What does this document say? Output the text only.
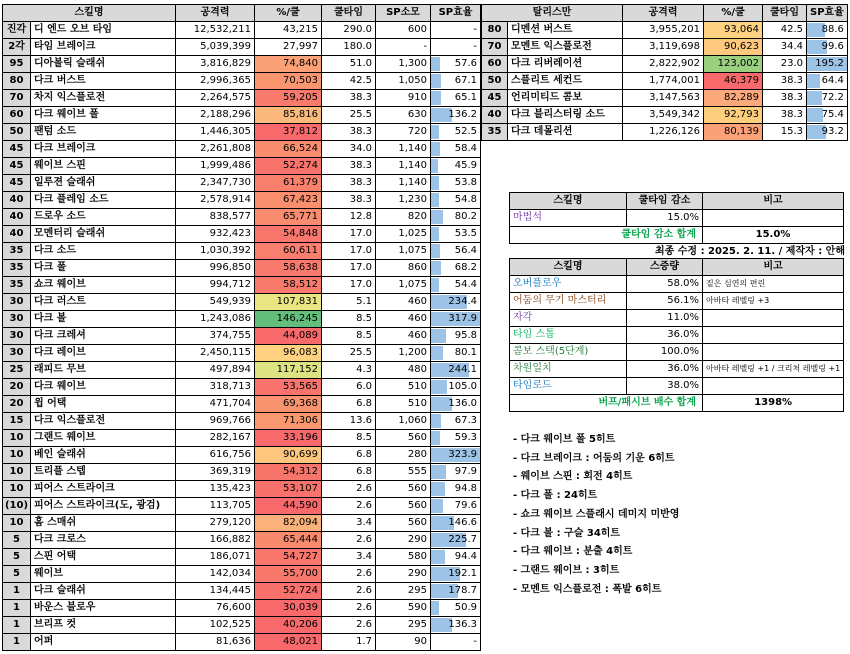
스킬명		공격력	%/쿨	쿨타임	SP소모	SP효율
진각	디 엔드 오브 타임	12,532,211	43,215	290.0	600	-
2각	타임 브레이크	5,039,399	27,997	180.0	-	-
95	디아볼릭 슬래쉬	3,816,829	74,840	51.0	1,300	57.6
80	다크 버스트	2,996,365	70,503	42.5	1,050	67.1
70	차지 익스플로전	2,264,575	59,205	38.3	910	65.1
60	다크 웨이브 폴	2,188,296	85,816	25.5	630	136.2
50	팬텀 소드	1,446,305	37,812	38.3	720	52.5
45	다크 브레이크	2,261,808	66,524	34.0	1,140	58.4
45	웨이브 스핀	1,999,486	52,274	38.3	1,140	45.9
45	일루젼 슬래쉬	2,347,730	61,379	38.3	1,140	53.8
40	다크 플레임 소드	2,578,914	67,423	38.3	1,230	54.8
40	드로우 소드	838,577	65,771	12.8	820	80.2
40	모멘터리 슬래쉬	932,423	54,848	17.0	1,025	53.5
35	다크 소드	1,030,392	60,611	17.0	1,075	56.4
35	다크 폴	996,850	58,638	17.0	860	68.2
35	쇼크 웨이브	994,712	58,512	17.0	1,075	54.4
30	다크 러스트	549,939	107,831	5.1	460	234.4
30	다크 볼	1,243,086	146,245	8.5	460	317.9
30	다크 크레셔	374,755	44,089	8.5	460	95.8
30	다크 레이브	2,450,115	96,083	25.5	1,200	80.1
25	래피드 무브	497,894	117,152	4.3	480	244.1
20	다크 웨이브	318,713	53,565	6.0	510	105.0
20	윕 어택	471,704	69,368	6.8	510	136.0
15	다크 익스플로전	969,766	71,306	13.6	1,060	67.3
10	그랜드 웨이브	282,167	33,196	8.5	560	59.3
10	베인 슬래쉬	616,756	90,699	6.8	280	323.9
10	트리플 스텝	369,319	54,312	6.8	555	97.9
10	피어스 스트라이크	135,423	53,107	2.6	560	94.8
(10)	피어스 스트라이크(도, 광검)	113,705	44,590	2.6	560	79.6
10	홈 스매쉬	279,120	82,094	3.4	560	146.6
5	다크 크로스	166,882	65,444	2.6	290	225.7
5	스핀 어택	186,071	54,727	3.4	580	94.4
5	웨이브	142,034	55,700	2.6	290	192.1
1	다크 슬래쉬	134,445	52,724	2.6	295	178.7
1	바운스 블로우	76,600	30,039	2.6	590	50.9
1	브리프 컷	102,525	40,206	2.6	295	136.3
1	어퍼	81,636	48,021	1.7	90	-
탈리스만		공격력	%/쿨	쿨타임	SP효율
80	디멘션 버스트	3,955,201	93,064	42.5	88.6
70	모멘트 익스플로전	3,119,698	90,623	34.4	99.6
60	다크 리버레이션	2,822,902	123,002	23.0	195.2
50	스플리트 세컨드	1,774,001	46,379	38.3	64.4
45	언리미티드 콤보	3,147,563	82,289	38.3	72.2
40	다크 블리스터링 소드	3,549,342	92,793	38.3	75.4
35	다크 데몰리션	1,226,126	80,139	15.3	93.2
스킬명	쿨타임 감소	비고
마법석	15.0%	
쿨타임 감소 합계		15.0%
최종 수정 : 2025. 2. 11. / 제작자 : 안해
스킬명	스증량	비고
오버플로우	58.0%	짙은 심연의 편린
어둠의 무기 마스터리	56.1%	아바타 레벨링 +3
자각	11.0%	
타임 스톱	36.0%	
콤보 스택(5단계)	100.0%	
차원일치	36.0%	아바타 레벨링 +1 / 크리처 레벨링 +1
타임로드	38.0%	
버프/패시브 배수 합계		1398%
- 다크 웨이브 폴 5히트
- 다크 브레이크 : 어둠의 기운 6히트
- 웨이브 스핀 : 회전 4히트
- 다크 폴 : 24히트
- 쇼크 웨이브 스플래시 데미지 미반영
- 다크 볼 : 구슬 34히트
- 다크 웨이브 : 분출 4히트
- 그랜드 웨이브 : 3히트
- 모멘트 익스플로전 : 폭발 6히트
